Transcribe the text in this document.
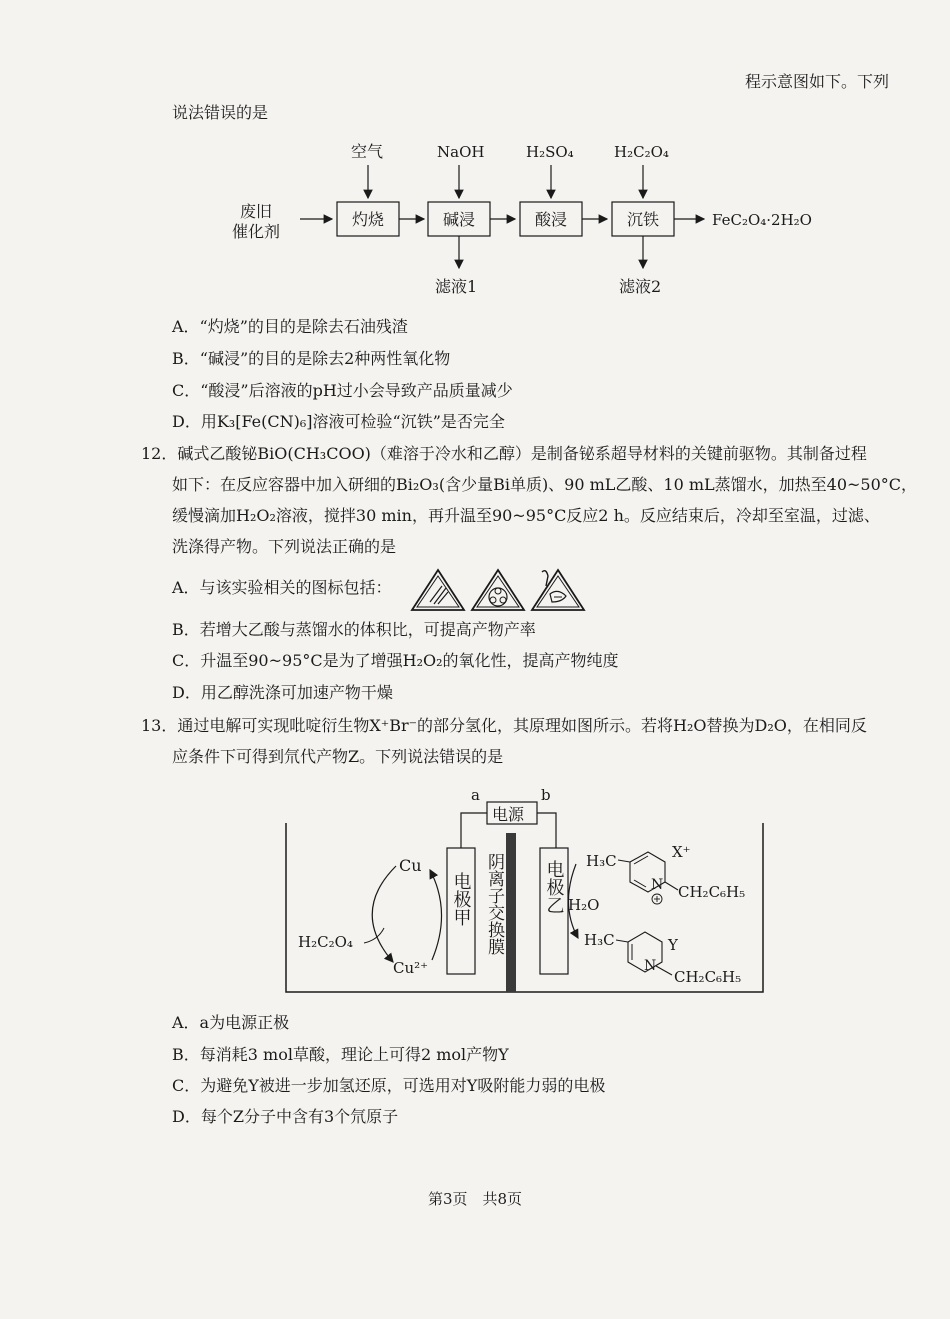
程示意图如下。下列
说法错误的是
废旧
催化剂
灼烧	碱浸	酸浸	沉铁	FeC₂O₄·2H₂O
空气	NaOH	H₂SO₄	H₂C₂O₄
滤液1	滤液2
A．“灼烧”的目的是除去石油残渣
B．“碱浸”的目的是除去2种两性氧化物
C．“酸浸”后溶液的pH过小会导致产品质量减少
D．用K₃[Fe(CN)₆]溶液可检验“沉铁”是否完全
12．碱式乙酸铋BiO(CH₃COO)（难溶于冷水和乙醇）是制备铋系超导材料的关键前驱物。其制备过程
如下：在反应容器中加入研细的Bi₂O₃(含少量Bi单质)、90 mL乙酸、10 mL蒸馏水，加热至40~50°C，
缓慢滴加H₂O₂溶液，搅拌30 min，再升温至90~95°C反应2 h。反应结束后，冷却至室温，过滤、
洗涤得产物。下列说法正确的是
A．与该实验相关的图标包括：
B．若增大乙酸与蒸馏水的体积比，可提高产物产率
C．升温至90~95°C是为了增强H₂O₂的氧化性，提高产物纯度
D．用乙醇洗涤可加速产物干燥
13．通过电解可实现吡啶衍生物X⁺Br⁻的部分氢化，其原理如图所示。若将H₂O替换为D₂O，在相同反
应条件下可得到氘代产物Z。下列说法错误的是
电源
a	b
电极甲	电极乙
阴离子交换膜
Cu
Cu²⁺
H₂C₂O₄
H₂O
H₃C	X⁺
N CH₂C₆H₅
H₃C	Y
N
CH₂C₆H₅
A．a为电源正极
B．每消耗3 mol草酸，理论上可得2 mol产物Y
C．为避免Y被进一步加氢还原，可选用对Y吸附能力弱的电极
D．每个Z分子中含有3个氘原子
第3页　共8页
